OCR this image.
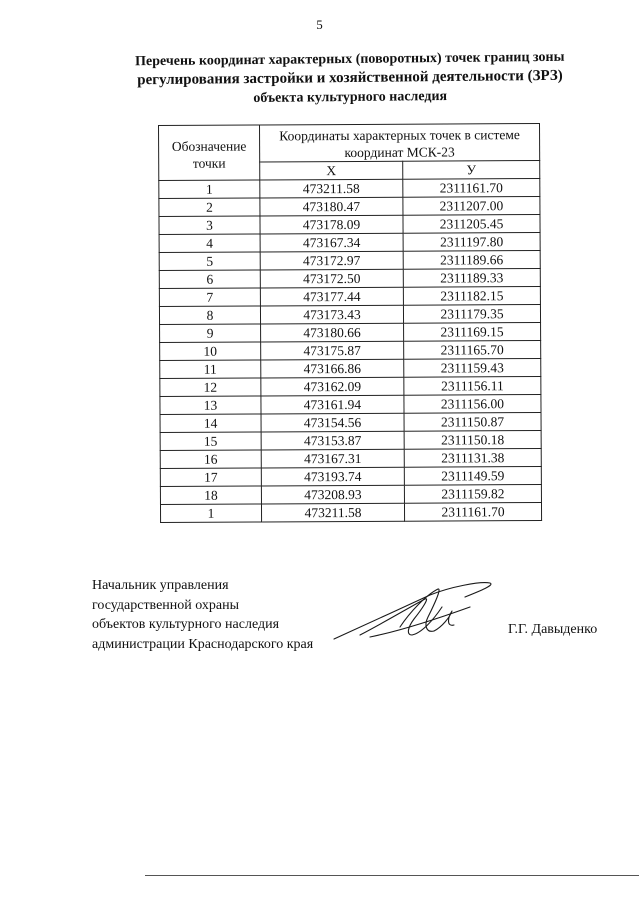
5
Перечень координат характерных (поворотных) точек границ зоны
регулирования застройки и хозяйственной деятельности (ЗРЗ)
объекта культурного наследия
Обозначение точки	Координаты характерных точек в системе координат МСК-23	
	Х	У
1	473211.58	2311161.70
2	473180.47	2311207.00
3	473178.09	2311205.45
4	473167.34	2311197.80
5	473172.97	2311189.66
6	473172.50	2311189.33
7	473177.44	2311182.15
8	473173.43	2311179.35
9	473180.66	2311169.15
10	473175.87	2311165.70
11	473166.86	2311159.43
12	473162.09	2311156.11
13	473161.94	2311156.00
14	473154.56	2311150.87
15	473153.87	2311150.18
16	473167.31	2311131.38
17	473193.74	2311149.59
18	473208.93	2311159.82
1	473211.58	2311161.70
Начальник управления
государственной охраны
объектов культурного наследия
администрации Краснодарского края
Г.Г. Давыденко
